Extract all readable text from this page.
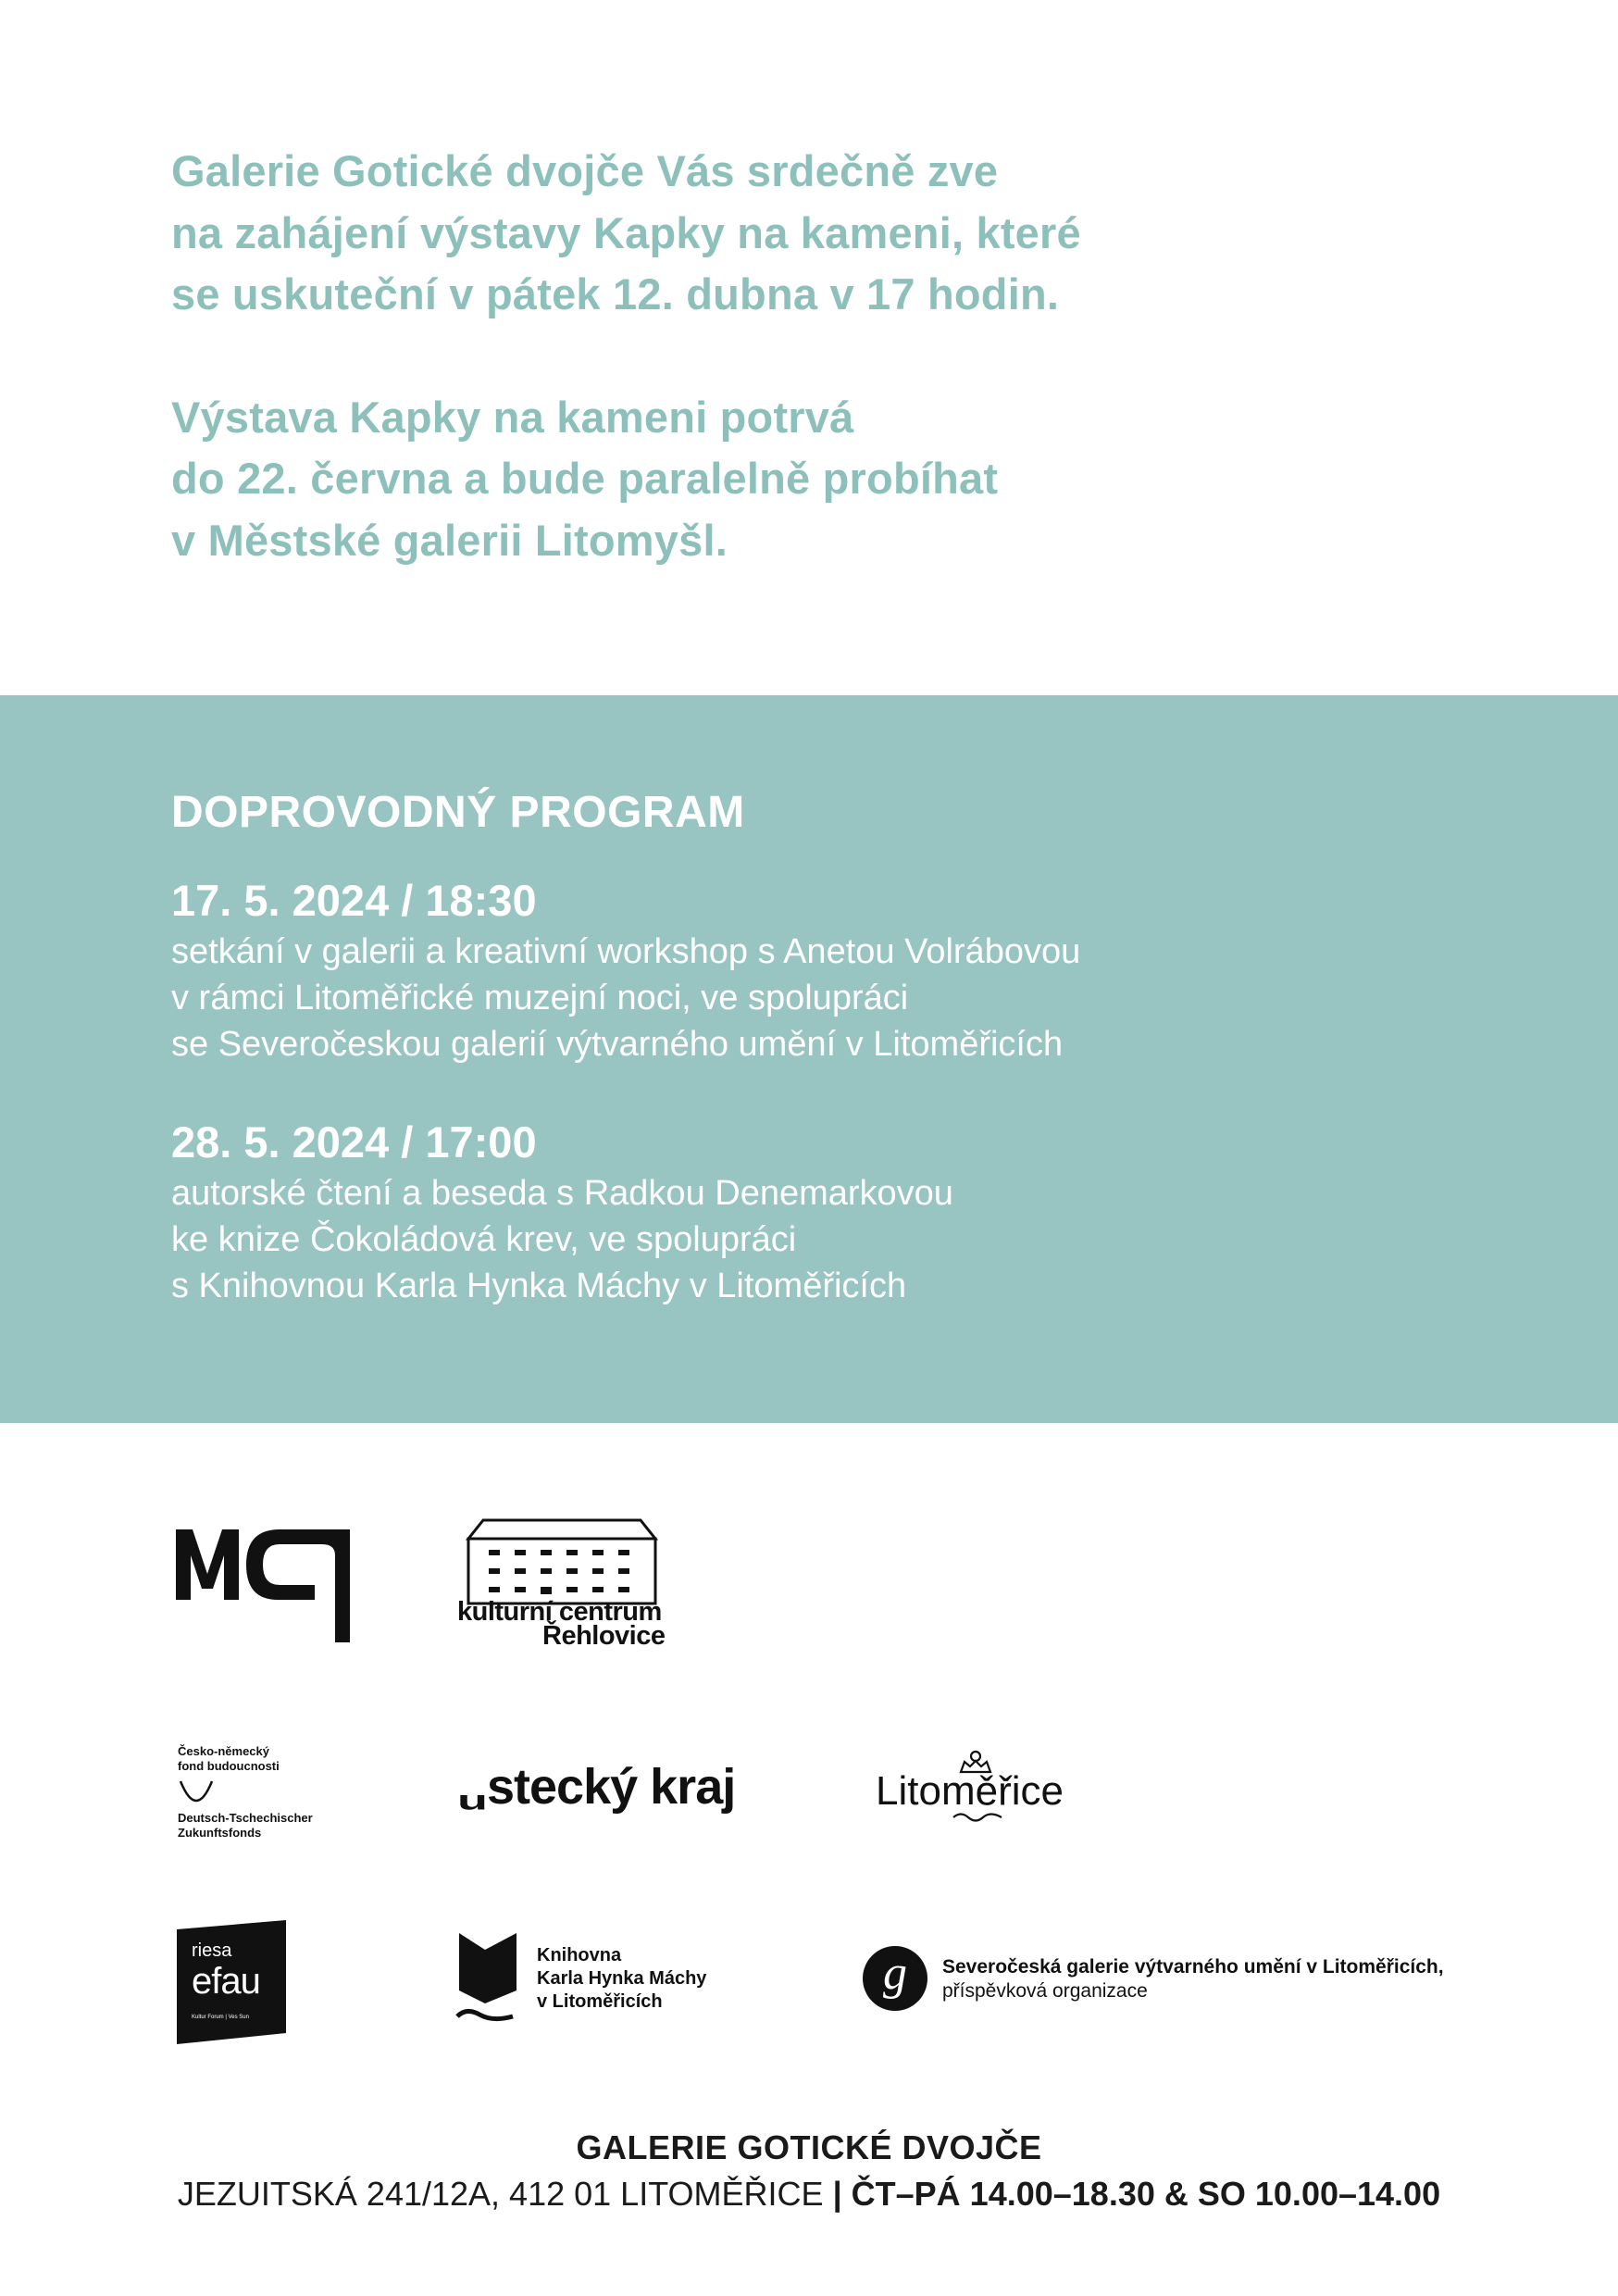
Galerie Gotické dvojče Vás srdečně zve
na zahájení výstavy Kapky na kameni, které
se uskuteční v pátek 12. dubna v 17 hodin.
Výstava Kapky na kameni potrvá
do 22. června a bude paralelně probíhat
v Městské galerii Litomyšl.
DOPROVODNÝ PROGRAM
17. 5. 2024 / 18:30
setkání v galerii a kreativní workshop s Anetou Volrábovou
v rámci Litoměřické muzejní noci, ve spolupráci
se Severočeskou galerií výtvarného umění v Litoměřicích
28. 5. 2024 / 17:00
autorské čtení a beseda s Radkou Denemarkovou
ke knize Čokoládová krev, ve spolupráci
s Knihovnou Karla Hynka Máchy v Litoměřicích
kulturní centrum
Řehlovice
Česko-německý
fond budoucnosti
Deutsch-Tschechischer
Zukunftsfonds
ustecký kraj	Litoměřice
riesa
efau
Kultur Forum | Ves Sun
Knihovna
Karla Hynka Máchy
v Litoměřicích
g	Severočeská galerie výtvarného umění v Litoměřicích,
příspěvková organizace
GALERIE GOTICKÉ DVOJČE
JEZUITSKÁ 241/12A, 412 01 LITOMĚŘICE | ČT–PÁ 14.00–18.30 & SO 10.00–14.00
